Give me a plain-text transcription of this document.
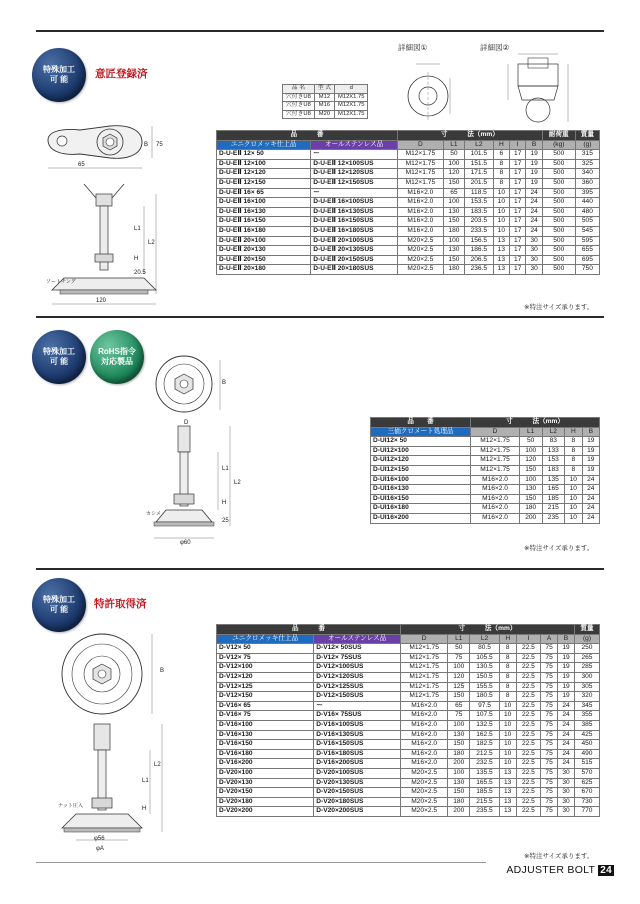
特殊加工
可 能	意匠登録済
詳細図①	詳細図②
品 名	型 式	d
穴付きU8	M12	M12X1.75
穴付きU8	M16	M12X1.75
穴付きU8	M20	M12X1.75
B 75
65
L1
L2
H
20.5
ソートチング
120
品　　　番		寸　　　法（mm）						耐荷重	質量
ユニクロメッキ仕上品	オールステンレス品	D	L1	L2	H	I	B	(kg)	(g)
D-U-EⅡ 12× 50	ー	M12×1.75	50	101.5	6	17	19	500	315
D-U-EⅡ 12×100	D-U-EⅡ 12×100SUS	M12×1.75	100	151.5	8	17	19	500	325
D-U-EⅡ 12×120	D-U-EⅡ 12×120SUS	M12×1.75	120	171.5	8	17	19	500	340
D-U-EⅡ 12×150	D-U-EⅡ 12×150SUS	M12×1.75	150	201.5	8	17	19	500	360
D-U-EⅡ 16× 65	ー	M16×2.0	65	118.5	10	17	24	500	395
D-U-EⅡ 16×100	D-U-EⅡ 16×100SUS	M16×2.0	100	153.5	10	17	24	500	440
D-U-EⅡ 16×130	D-U-EⅡ 16×130SUS	M16×2.0	130	183.5	10	17	24	500	480
D-U-EⅡ 16×150	D-U-EⅡ 16×150SUS	M16×2.0	150	203.5	10	17	24	500	505
D-U-EⅡ 16×180	D-U-EⅡ 16×180SUS	M16×2.0	180	233.5	10	17	24	500	545
D-U-EⅡ 20×100	D-U-EⅡ 20×100SUS	M20×2.5	100	156.5	13	17	30	500	595
D-U-EⅡ 20×130	D-U-EⅡ 20×130SUS	M20×2.5	130	186.5	13	17	30	500	655
D-U-EⅡ 20×150	D-U-EⅡ 20×150SUS	M20×2.5	150	206.5	13	17	30	500	695
D-U-EⅡ 20×180	D-U-EⅡ 20×180SUS	M20×2.5	180	236.5	13	17	30	500	750
※特注サイズ承ります。
特殊加工
可 能
RoHS指令
対応製品
B
D
L1
L2
H
25
カシメ
φ60
品　　番	寸　　　法（mm）				
三価クロメート処理品	D	L1	L2	H	B
D-UI12× 50	M12×1.75	50	83	8	19
D-UI12×100	M12×1.75	100	133	8	19
D-UI12×120	M12×1.75	120	153	8	19
D-UI12×150	M12×1.75	150	183	8	19
D-UI16×100	M16×2.0	100	135	10	24
D-UI16×130	M16×2.0	130	165	10	24
D-UI16×150	M16×2.0	150	185	10	24
D-UI16×180	M16×2.0	180	215	10	24
D-UI16×200	M16×2.0	200	235	10	24
※特注サイズ承ります。
特殊加工
可 能	特許取得済
B
L1
L2
H
ナット圧入
φ56
φA
品　　　番		寸　　　法（mm）							質量
ユニクロメッキ仕上品	オールステンレス品	D	L1	L2	H	I	A	B	(g)
D-V12× 50	D-V12× 50SUS	M12×1.75	50	80.5	8	22.5	75	19	250
D-V12× 75	D-V12× 75SUS	M12×1.75	75	105.5	8	22.5	75	19	265
D-V12×100	D-V12×100SUS	M12×1.75	100	130.5	8	22.5	75	19	285
D-V12×120	D-V12×120SUS	M12×1.75	120	150.5	8	22.5	75	19	300
D-V12×125	D-V12×125SUS	M12×1.75	125	155.5	8	22.5	75	19	305
D-V12×150	D-V12×150SUS	M12×1.75	150	180.5	8	22.5	75	19	320
D-V16× 65	ー	M16×2.0	65	97.5	10	22.5	75	24	345
D-V16× 75	D-V16× 75SUS	M16×2.0	75	107.5	10	22.5	75	24	355
D-V16×100	D-V16×100SUS	M16×2.0	100	132.5	10	22.5	75	24	385
D-V16×130	D-V16×130SUS	M16×2.0	130	162.5	10	22.5	75	24	425
D-V16×150	D-V16×150SUS	M16×2.0	150	182.5	10	22.5	75	24	450
D-V16×180	D-V16×180SUS	M16×2.0	180	212.5	10	22.5	75	24	490
D-V16×200	D-V16×200SUS	M16×2.0	200	232.5	10	22.5	75	24	515
D-V20×100	D-V20×100SUS	M20×2.5	100	135.5	13	22.5	75	30	570
D-V20×130	D-V20×130SUS	M20×2.5	130	165.5	13	22.5	75	30	625
D-V20×150	D-V20×150SUS	M20×2.5	150	185.5	13	22.5	75	30	670
D-V20×180	D-V20×180SUS	M20×2.5	180	215.5	13	22.5	75	30	730
D-V20×200	D-V20×200SUS	M20×2.5	200	235.5	13	22.5	75	30	770
※特注サイズ承ります。
ADJUSTER BOLT 24
